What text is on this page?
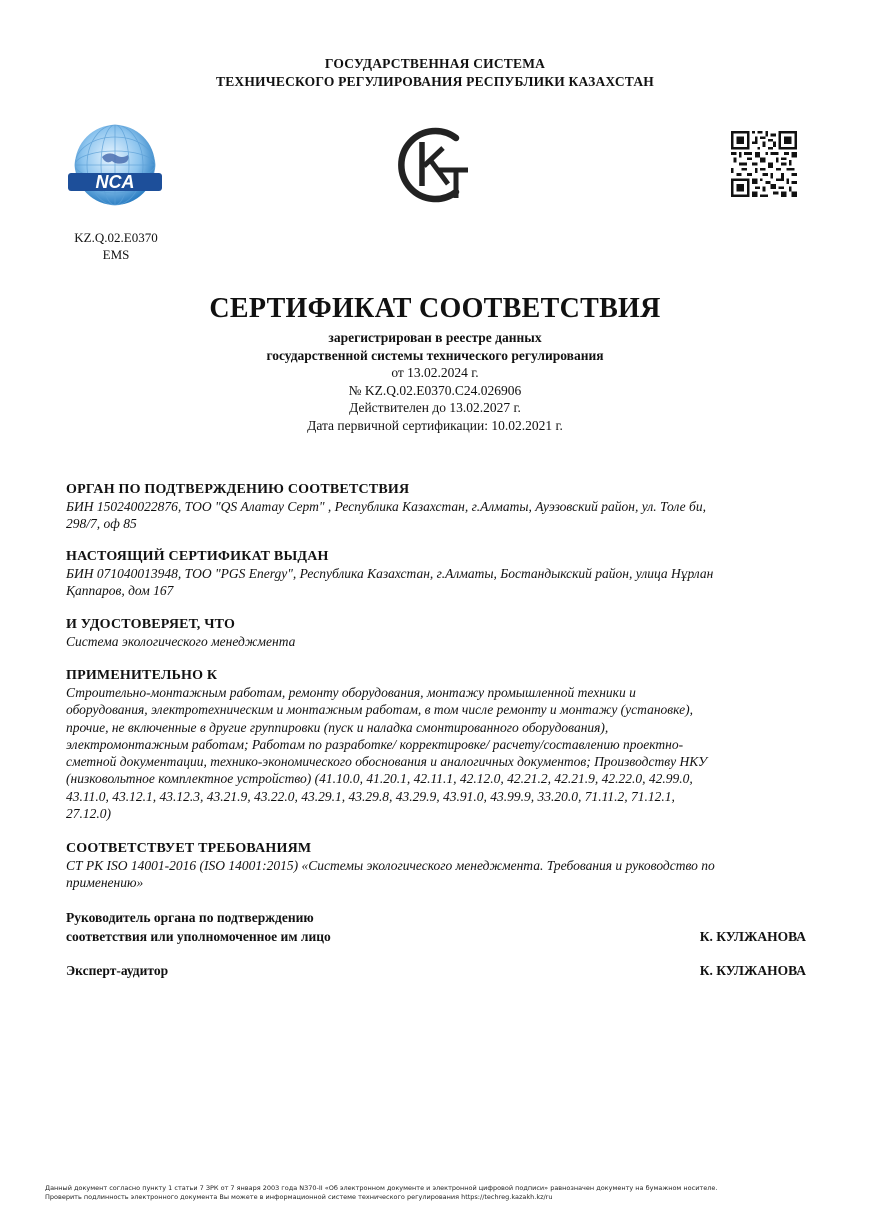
ГОСУДАРСТВЕННАЯ СИСТЕМА
ТЕХНИЧЕСКОГО РЕГУЛИРОВАНИЯ РЕСПУБЛИКИ КАЗАХСТАН
NCA
KZ.Q.02.E0370
EMS
СЕРТИФИКАТ СООТВЕТСТВИЯ
зарегистрирован в реестре данных
государственной системы технического регулирования
от 13.02.2024 г.
№ KZ.Q.02.E0370.C24.026906
Действителен до 13.02.2027 г.
Дата первичной сертификации: 10.02.2021 г.
ОРГАН ПО ПОДТВЕРЖДЕНИЮ СООТВЕТСТВИЯ
БИН 150240022876, ТОО "QS Алатау Серт" , Республика Казахстан, г.Алматы, Ауэзовский район, ул. Толе би,
298/7, оф 85
НАСТОЯЩИЙ СЕРТИФИКАТ ВЫДАН
БИН 071040013948, ТОО "PGS Energy", Республика Казахстан, г.Алматы, Бостандыкский район, улица Нұрлан
Қаппаров, дом 167
И УДОСТОВЕРЯЕТ, ЧТО
Система экологического менеджмента
ПРИМЕНИТЕЛЬНО К
Строительно-монтажным работам, ремонту оборудования, монтажу промышленной техники и
оборудования, электротехническим и монтажным работам, в том числе ремонту и монтажу (установке),
прочие, не включенные в другие группировки (пуск и наладка смонтированного оборудования),
электромонтажным работам; Работам по разработке/ корректировке/ расчету/составлению проектно-
сметной документации, технико-экономического обоснования и аналогичных документов; Производству НКУ
(низковольтное комплектное устройство) (41.10.0, 41.20.1, 42.11.1, 42.12.0, 42.21.2, 42.21.9, 42.22.0, 42.99.0,
43.11.0, 43.12.1, 43.12.3, 43.21.9, 43.22.0, 43.29.1, 43.29.8, 43.29.9, 43.91.0, 43.99.9, 33.20.0, 71.11.2, 71.12.1,
27.12.0)
СООТВЕТСТВУЕТ ТРЕБОВАНИЯМ
СТ РК ISO 14001-2016 (ISO 14001:2015) «Системы экологического менеджмента. Требования и руководство по
применению»
Руководитель органа по подтверждению
соответствия или уполномоченное им лицо	К. КУЛЖАНОВА
Эксперт-аудитор	К. КУЛЖАНОВА
Данный документ согласно пункту 1 статьи 7 ЗРК от 7 января 2003 года N370-II «Об электронном документе и электронной цифровой подписи» равнозначен документу на бумажном носителе.
Проверить подлинность электронного документа Вы можете в информационной системе технического регулирования https://techreg.kazakh.kz/ru
